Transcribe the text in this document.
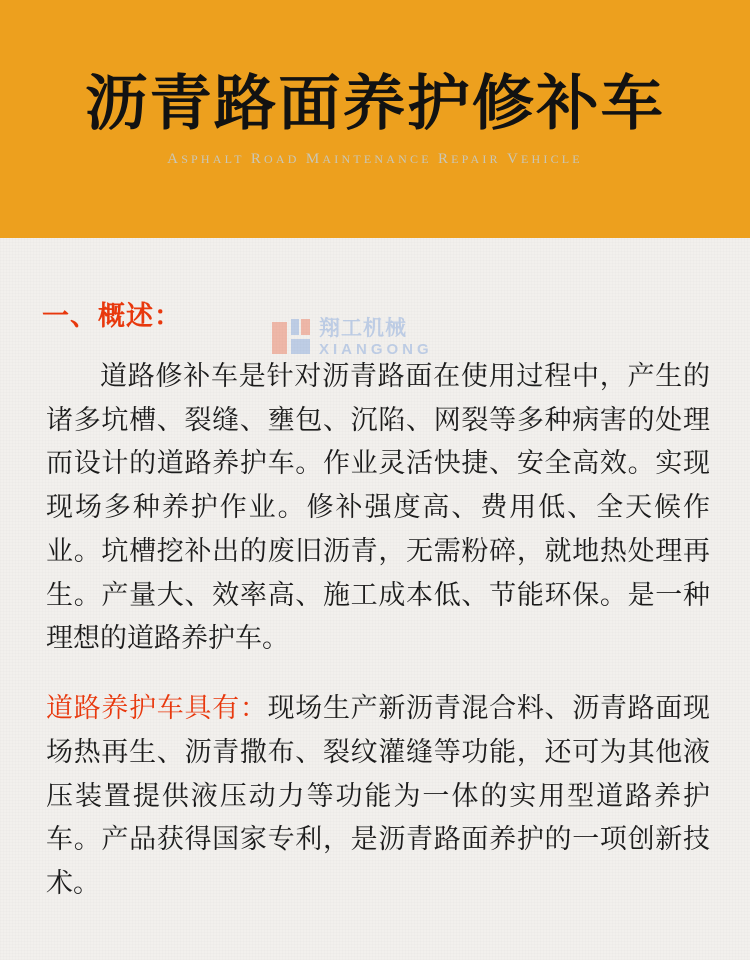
沥青路面养护修补车
ASPHALT ROAD MAINTENANCE REPAIR VEHICLE
翔工机械
XIANGONG
一、概述：

道路修补车是针对沥青路面在使用过程中，产生的诸多坑槽、裂缝、壅包、沉陷、网裂等多种病害的处理而设计的道路养护车。作业灵活快捷、安全高效。实现现场多种养护作业。修补强度高、费用低、全天候作业。坑槽挖补出的废旧沥青，无需粉碎，就地热处理再生。产量大、效率高、施工成本低、节能环保。是一种理想的道路养护车。

道路养护车具有：现场生产新沥青混合料、沥青路面现场热再生、沥青撒布、裂纹灌缝等功能，还可为其他液压装置提供液压动力等功能为一体的实用型道路养护车。产品获得国家专利，是沥青路面养护的一项创新技术。
